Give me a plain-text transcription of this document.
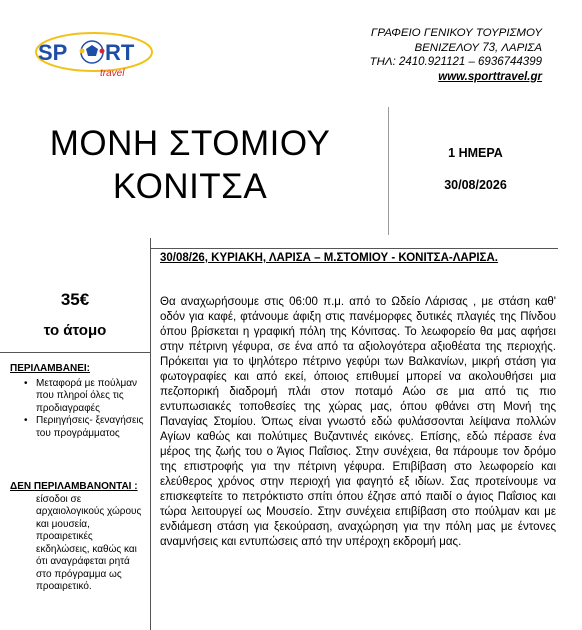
SP RT
travel
ΓΡΑΦΕΙΟ ΓΕΝΙΚΟΥ ΤΟΥΡΙΣΜΟΥ
ΒΕΝΙΖΕΛΟΥ 73, ΛΑΡΙΣΑ
ΤΗΛ: 2410.921121 – 6936744399
www.sporttravel.gr
ΜΟΝΗ ΣΤΟΜΙΟΥ
ΚΟΝΙΤΣΑ
1 ΗΜΕΡΑ
30/08/2026
35€
το άτομο
ΠΕΡΙΛΑΜΒΑΝΕΙ:
• Μεταφορά με πούλμαν που πληροί όλες τις προδιαγραφές
• Περιηγήσεις- ξεναγήσεις του προγράμματος
ΔΕΝ ΠΕΡΙΛΑΜΒΑΝΟΝΤΑΙ :
είσοδοι σε αρχαιολογικούς χώρους και μουσεία, προαιρετικές εκδηλώσεις, καθώς και ότι αναγράφεται ρητά στο πρόγραμμα ως προαιρετικό.
30/08/26, ΚΥΡΙΑΚΗ, ΛΑΡΙΣΑ – Μ.ΣΤΟΜΙΟΥ - ΚΟΝΙΤΣΑ-ΛΑΡΙΣΑ.
Θα αναχωρήσουμε στις 06:00 π.μ. από το Ωδείο Λάρισας , με στάση καθ' οδόν για καφέ, φτάνουμε άφιξη στις πανέμορφες δυτικές πλαγιές της Πίνδου όπου βρίσκεται η γραφική πόλη της Κόνιτσας. Το λεωφορείο θα μας αφήσει στην πέτρινη γέφυρα, σε ένα από τα αξιολογότερα αξιοθέατα της περιοχής. Πρόκειται για το ψηλότερο πέτρινο γεφύρι των Βαλκανίων, μικρή στάση για φωτογραφίες και από εκεί, όποιος επιθυμεί μπορεί να ακολουθήσει μια πεζοπορική διαδρομή πλάι στον ποταμό Αώο σε μια από τις πιο εντυπωσιακές τοποθεσίες της χώρας μας, όπου φθάνει στη Μονή της Παναγίας Στομίου. Όπως είναι γνωστό εδώ φυλάσσονται λείψανα πολλών Αγίων καθώς και πολύτιμες Βυζαντινές εικόνες. Επίσης, εδώ πέρασε ένα μέρος της ζωής του ο Άγιος Παΐσιος. Στην συνέχεια, θα πάρουμε τον δρόμο της επιστροφής για την πέτρινη γέφυρα. Επιβίβαση στο λεωφορείο και ελεύθερος χρόνος στην περιοχή για φαγητό εξ ιδίων. Σας προτείνουμε να επισκεφτείτε το πετρόκτιστο σπίτι όπου έζησε από παιδί ο άγιος Παΐσιος και τώρα λειτουργεί ως Μουσείο. Στην συνέχεια επιβίβαση στο πούλμαν και με ενδιάμεση στάση για ξεκούραση, αναχώρηση για την πόλη μας με έντονες αναμνήσεις και εντυπώσεις από την υπέροχη εκδρομή μας.
